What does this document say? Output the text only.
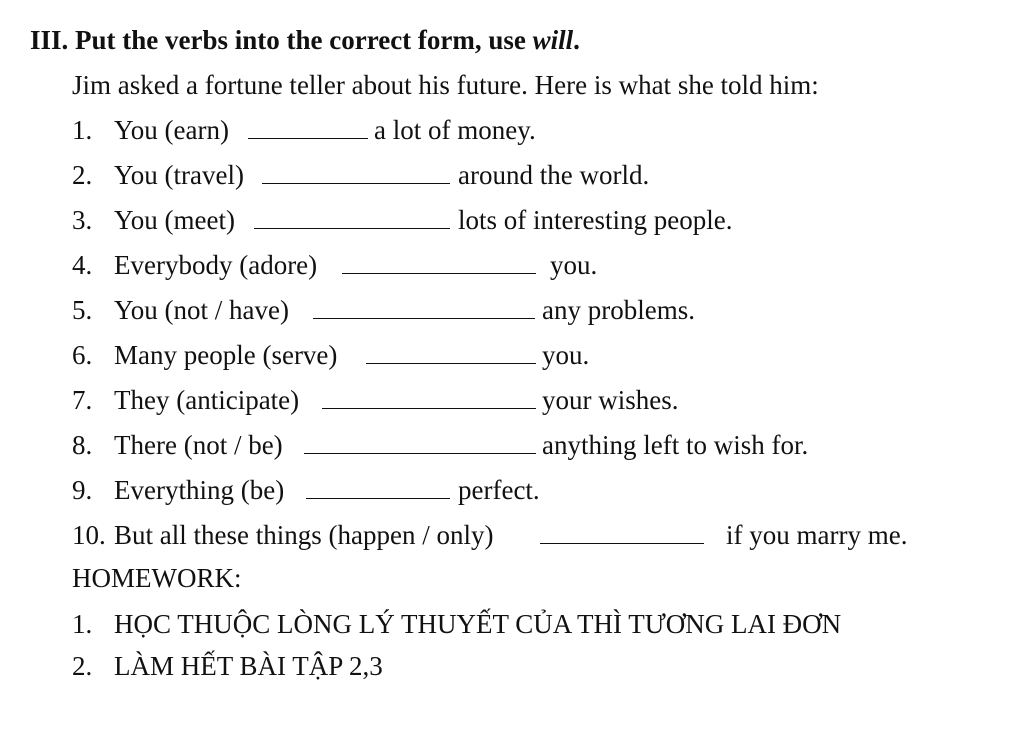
III. Put the verbs into the correct form, use will.
Jim asked a fortune teller about his future. Here is what she told him:
1. You (earn)	a lot of money.
2. You (travel)	around the world.
3. You (meet)	lots of interesting people.
4. Everybody (adore)	you.
5. You (not / have)	any problems.
6. Many people (serve)	you.
7. They (anticipate)	your wishes.
8. There (not / be)	anything left to wish for.
9. Everything (be)	perfect.
10. But all these things (happen / only)	if you marry me.
HOMEWORK:
1. HỌC THUỘC LÒNG LÝ THUYẾT CỦA THÌ TƯƠNG LAI ĐƠN
2. LÀM HẾT BÀI TẬP 2,3
